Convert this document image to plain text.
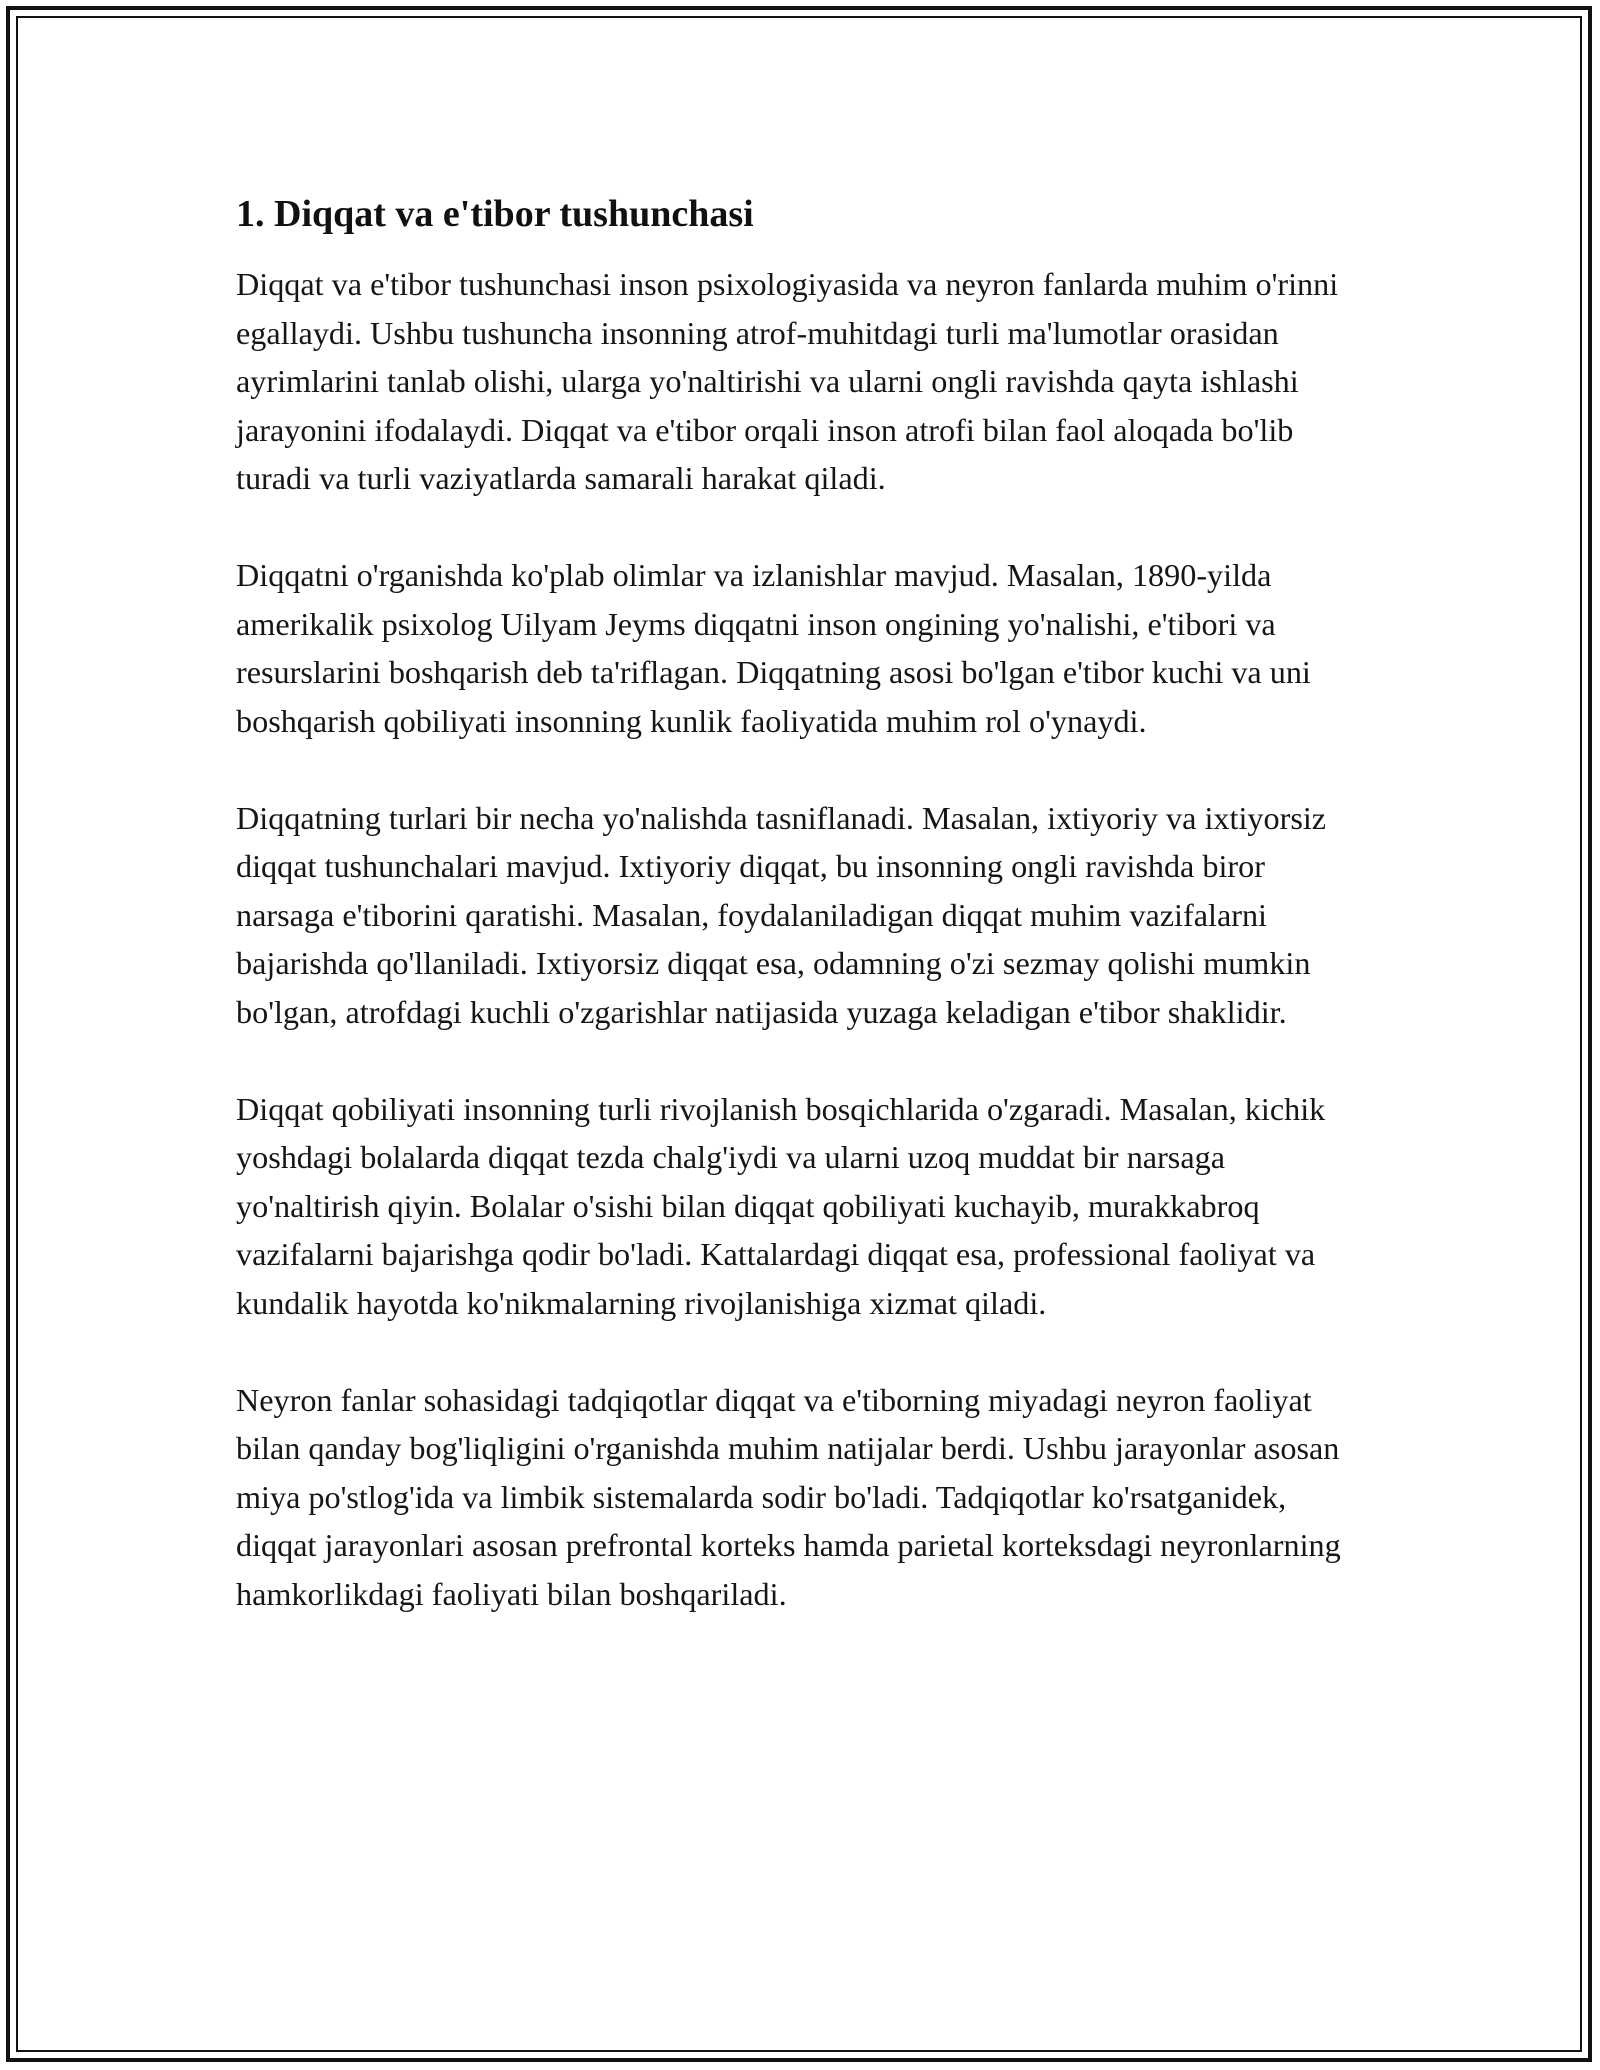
1. Diqqat va e'tibor tushunchasi

Diqqat va e'tibor tushunchasi inson psixologiyasida va neyron fanlarda muhim o'rinni egallaydi. Ushbu tushuncha insonning atrof-muhitdagi turli ma'lumotlar orasidan ayrimlarini tanlab olishi, ularga yo'naltirishi va ularni ongli ravishda qayta ishlashi jarayonini ifodalaydi. Diqqat va e'tibor orqali inson atrofi bilan faol aloqada bo'lib turadi va turli vaziyatlarda samarali harakat qiladi.

Diqqatni o'rganishda ko'plab olimlar va izlanishlar mavjud. Masalan, 1890-yilda amerikalik psixolog Uilyam Jeyms diqqatni inson ongining yo'nalishi, e'tibori va resurslarini boshqarish deb ta'riflagan. Diqqatning asosi bo'lgan e'tibor kuchi va uni boshqarish qobiliyati insonning kunlik faoliyatida muhim rol o'ynaydi.

Diqqatning turlari bir necha yo'nalishda tasniflanadi. Masalan, ixtiyoriy va ixtiyorsiz diqqat tushunchalari mavjud. Ixtiyoriy diqqat, bu insonning ongli ravishda biror narsaga e'tiborini qaratishi. Masalan, foydalaniladigan diqqat muhim vazifalarni bajarishda qo'llaniladi. Ixtiyorsiz diqqat esa, odamning o'zi sezmay qolishi mumkin bo'lgan, atrofdagi kuchli o'zgarishlar natijasida yuzaga keladigan e'tibor shaklidir.

Diqqat qobiliyati insonning turli rivojlanish bosqichlarida o'zgaradi. Masalan, kichik yoshdagi bolalarda diqqat tezda chalg'iydi va ularni uzoq muddat bir narsaga yo'naltirish qiyin. Bolalar o'sishi bilan diqqat qobiliyati kuchayib, murakkabroq vazifalarni bajarishga qodir bo'ladi. Kattalardagi diqqat esa, professional faoliyat va kundalik hayotda ko'nikmalarning rivojlanishiga xizmat qiladi.

Neyron fanlar sohasidagi tadqiqotlar diqqat va e'tiborning miyadagi neyron faoliyat bilan qanday bog'liqligini o'rganishda muhim natijalar berdi. Ushbu jarayonlar asosan miya po'stlog'ida va limbik sistemalarda sodir bo'ladi. Tadqiqotlar ko'rsatganidek, diqqat jarayonlari asosan prefrontal korteks hamda parietal korteksdagi neyronlarning hamkorlikdagi faoliyati bilan boshqariladi.
